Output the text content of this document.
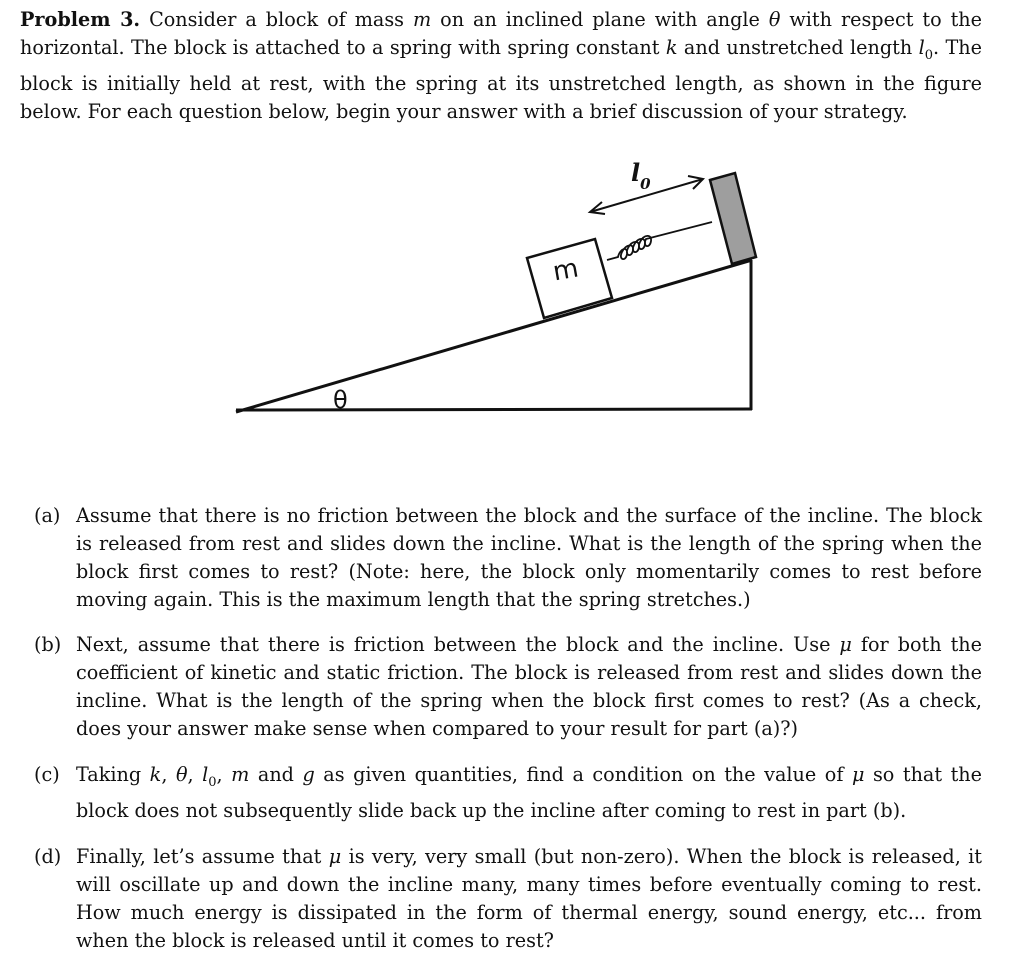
Problem 3. Consider a block of mass m on an inclined plane with angle θ with respect to the horizontal. The block is attached to a spring with spring constant k and unstretched length $l_0$. The block is initially held at rest, with the spring at its unstretched length, as shown in the figure below. For each question below, begin your answer with a brief discussion of your strategy.
m
$l_0$
θ
(a) Assume that there is no friction between the block and the surface of the incline. The block is released from rest and slides down the incline. What is the length of the spring when the block first comes to rest? (Note: here, the block only momentarily comes to rest before moving again. This is the maximum length that the spring stretches.)
(b) Next, assume that there is friction between the block and the incline. Use μ for both the coefficient of kinetic and static friction. The block is released from rest and slides down the incline. What is the length of the spring when the block first comes to rest? (As a check, does your answer make sense when compared to your result for part (a)?)
(c) Taking k, θ, $l_0$, m and g as given quantities, find a condition on the value of μ so that the block does not subsequently slide back up the incline after coming to rest in part (b).
(d) Finally, let’s assume that μ is very, very small (but non-zero). When the block is released, it will oscillate up and down the incline many, many times before eventually coming to rest. How much energy is dissipated in the form of thermal energy, sound energy, etc... from when the block is released until it comes to rest?
